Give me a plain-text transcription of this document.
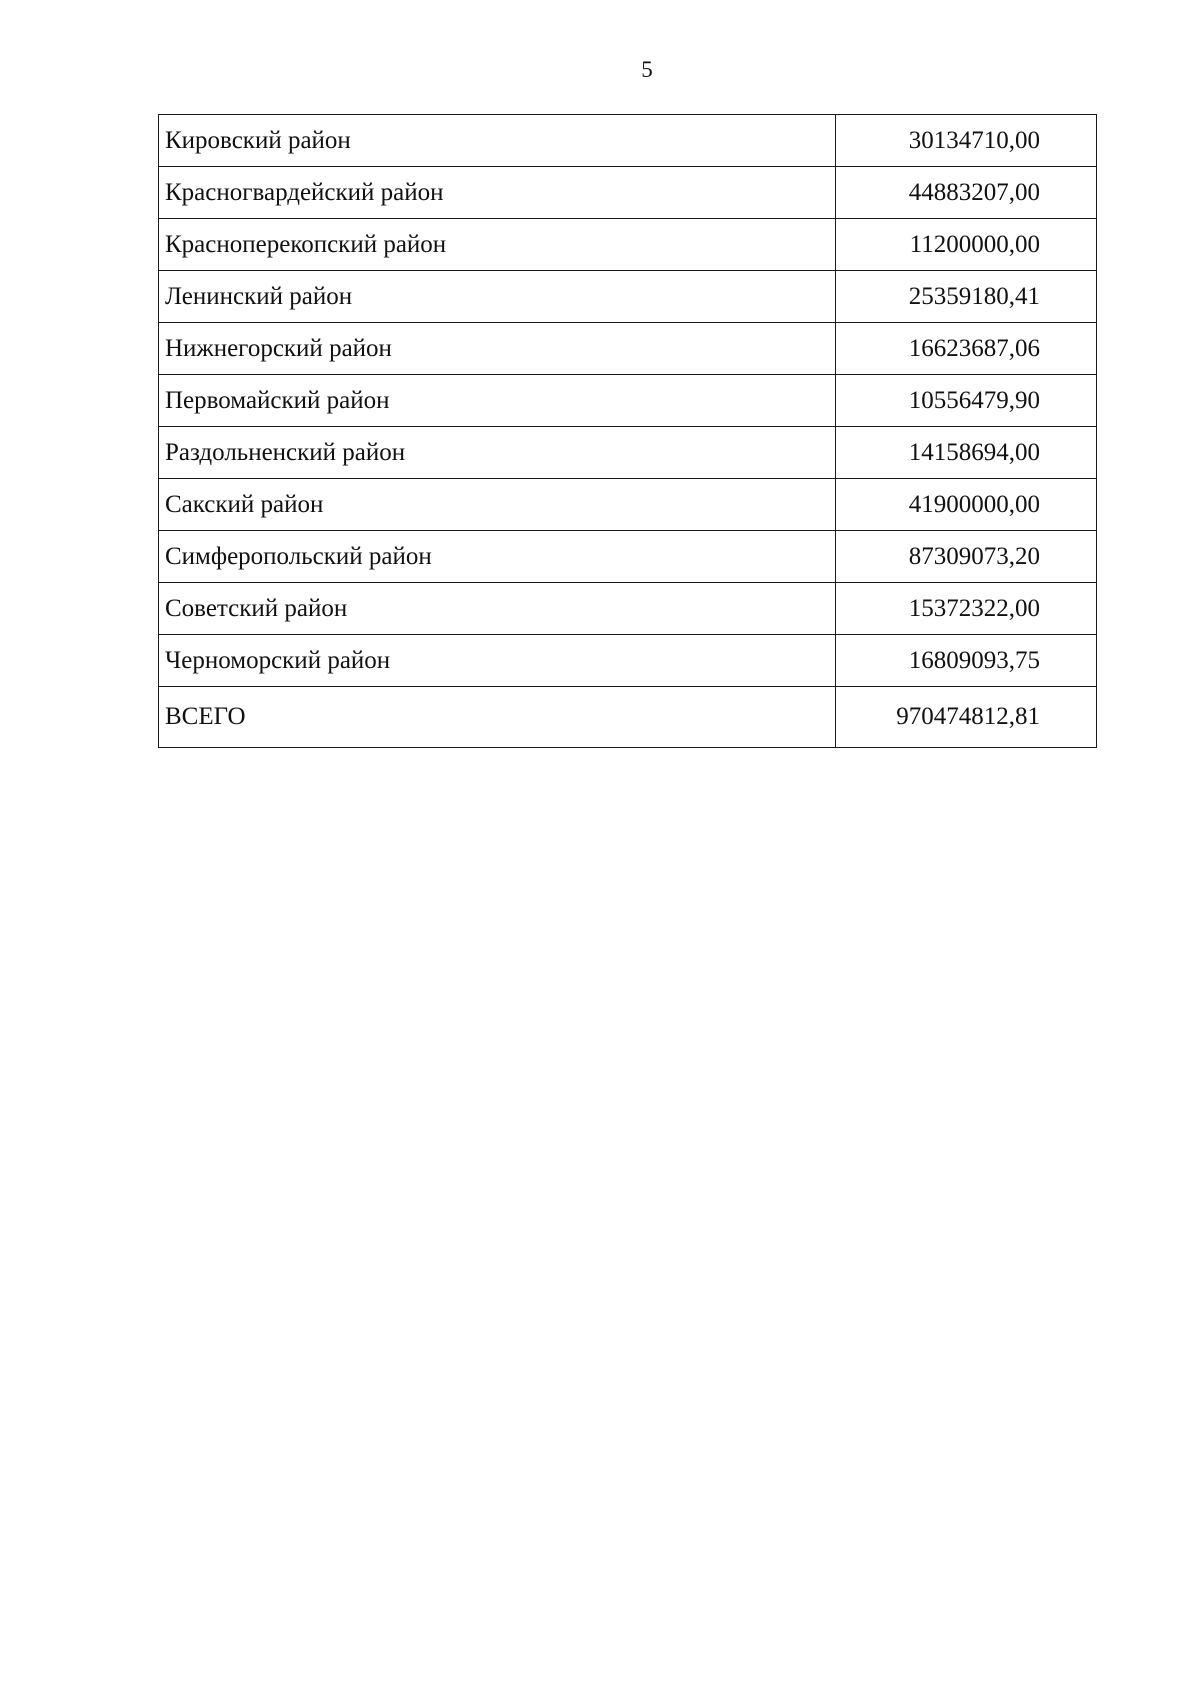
5
Кировский район	30134710,00
Красногвардейский район	44883207,00
Красноперекопский район	11200000,00
Ленинский район	25359180,41
Нижнегорский район	16623687,06
Первомайский район	10556479,90
Раздольненский район	14158694,00
Сакский район	41900000,00
Симферопольский район	87309073,20
Советский район	15372322,00
Черноморский район	16809093,75
ВСЕГО	970474812,81
